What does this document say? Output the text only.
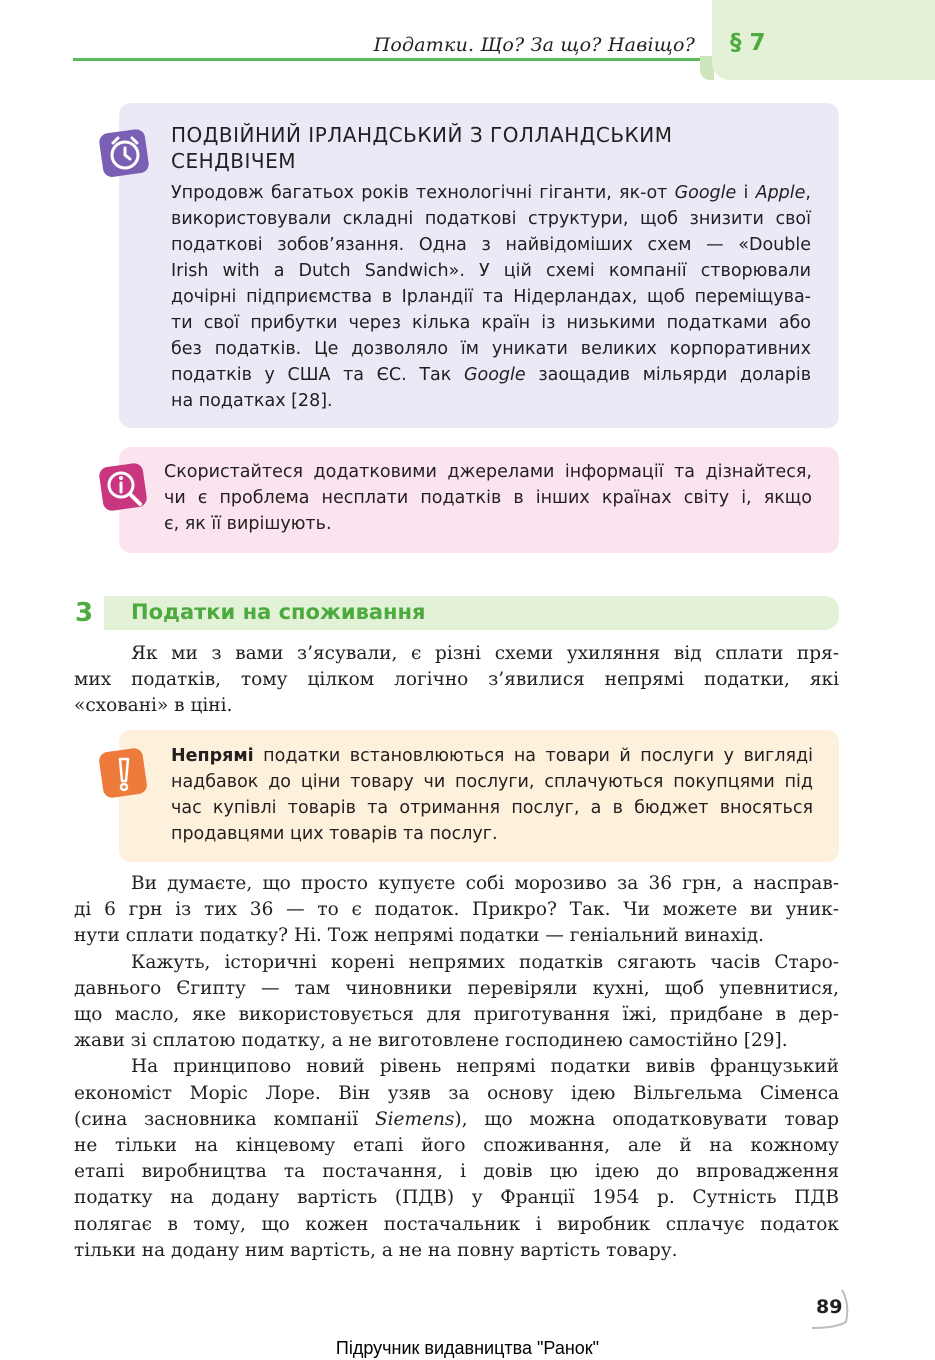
Податки. Що? За що? Навіщо? § 7
ПОДВІЙНИЙ ІРЛАНДСЬКИЙ З ГОЛЛАНДСЬКИМ
СЕНДВІЧЕМ
Упродовж багатьох років технологічні гіганти, як-от Google і Apple,
використовували складні податкові структури, щоб знизити свої
податкові зобов’язання. Одна з найвідоміших схем — «Double
Irish with a Dutch Sandwich». У цій схемі компанії створювали
дочірні підприємства в Ірландії та Нідерландах, щоб переміщува-
ти свої прибутки через кілька країн із низькими податками або
без податків. Це дозволяло їм уникати великих корпоративних
податків у США та ЄС. Так Google заощадив мільярди доларів
на податках [28].
Скористайтеся додатковими джерелами інформації та дізнайтеся,
чи є проблема несплати податків в інших країнах світу і, якщо
є, як її вирішують.
3	Податки на споживання
Як ми з вами з’ясували, є різні схеми ухиляння від сплати пря-
мих податків, тому цілком логічно з’явилися непрямі податки, які
«сховані» в ціні.
Непрямі податки встановлюються на товари й послуги у вигляді
надбавок до ціни товару чи послуги, сплачуються покупцями під
час купівлі товарів та отримання послуг, а в бюджет вносяться
продавцями цих товарів та послуг.
Ви думаєте, що просто купуєте собі морозиво за 36 грн, а насправ-
ді 6 грн із тих 36 — то є податок. Прикро? Так. Чи можете ви уник-
нути сплати податку? Ні. Тож непрямі податки — геніальний винахід.
Кажуть, історичні корені непрямих податків сягають часів Старо-
давнього Єгипту — там чиновники перевіряли кухні, щоб упевнитися,
що масло, яке використовується для приготування їжі, придбане в дер-
жави зі сплатою податку, а не виготовлене господинею самостійно [29].
На принципово новий рівень непрямі податки вивів французький
економіст Моріс Лоре. Він узяв за основу ідею Вільгельма Сіменса
(сина засновника компанії Siemens), що можна оподатковувати товар
не тільки на кінцевому етапі його споживання, але й на кожному
етапі виробництва та постачання, і довів цю ідею до впровадження
податку на додану вартість (ПДВ) у Франції 1954 р. Сутність ПДВ
полягає в тому, що кожен постачальник і виробник сплачує податок
тільки на додану ним вартість, а не на повну вартість товару.
89
Підручник видавництва "Ранок"
